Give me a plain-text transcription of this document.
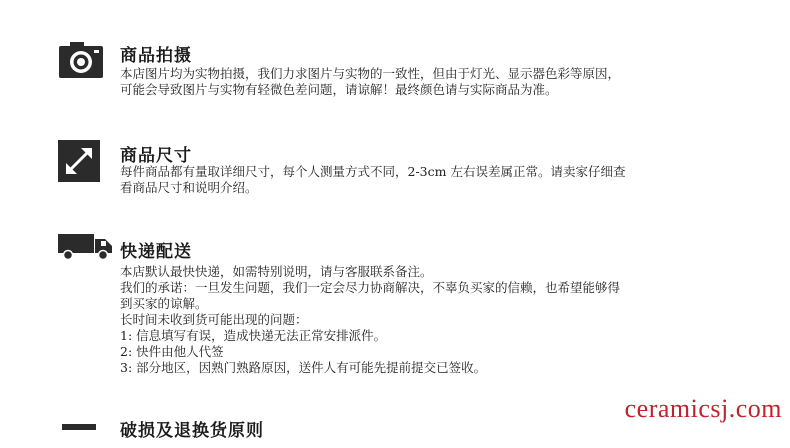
商品拍摄
本店图片均为实物拍摄，我们力求图片与实物的一致性，但由于灯光、显示器色彩等原因，
可能会导致图片与实物有轻微色差问题，请谅解！最终颜色请与实际商品为准。
商品尺寸
每件商品都有量取详细尺寸，每个人测量方式不同，2-3cm 左右误差属正常。请卖家仔细查
看商品尺寸和说明介绍。
快递配送
本店默认最快快递，如需特别说明，请与客服联系备注。
我们的承诺：一旦发生问题，我们一定会尽力协商解决，不辜负买家的信赖，也希望能够得
到买家的谅解。
长时间未收到货可能出现的问题：
1: 信息填写有误，造成快递无法正常安排派件。
2: 快件由他人代签
3: 部分地区，因熟门熟路原因，送件人有可能先提前提交已签收。
破损及退换货原则
ceramicsj.com
